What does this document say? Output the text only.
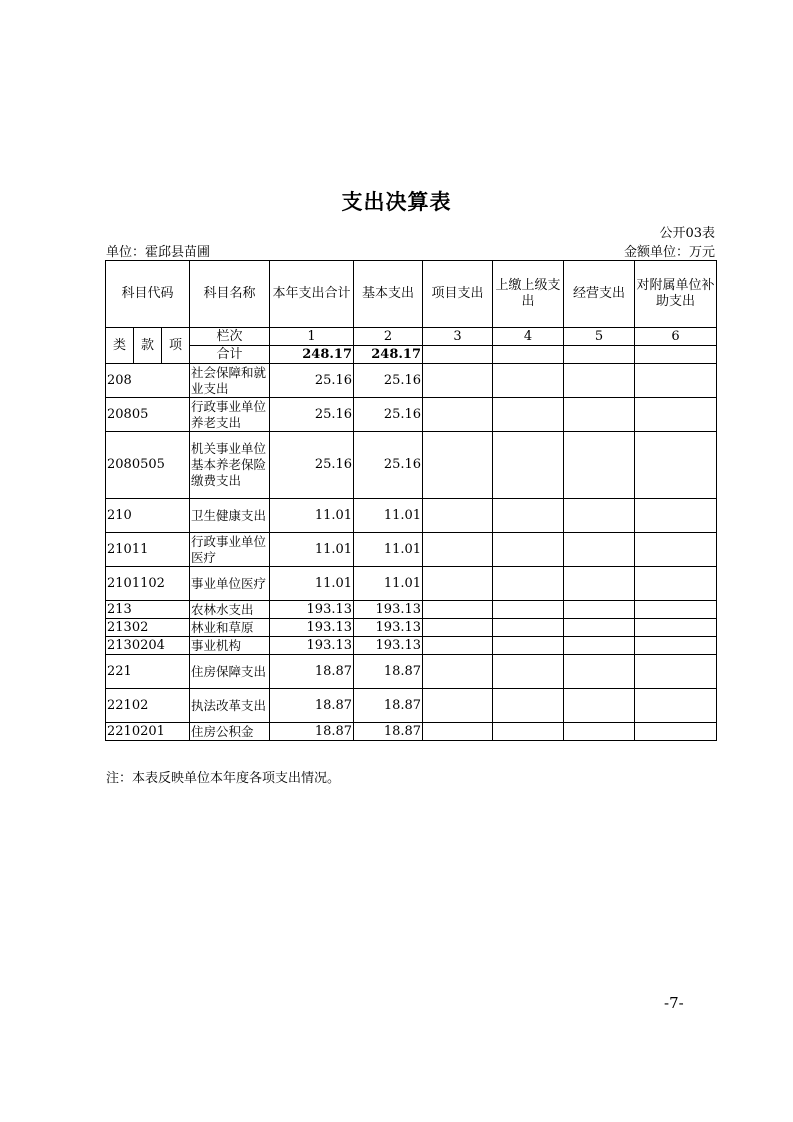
支出决算表
公开03表
单位：霍邱县苗圃	金额单位：万元
科目代码			科目名称	本年支出合计	基本支出	项目支出	上缴上级支出	经营支出	对附属单位补助支出
类	款	项	栏次	1	2	3	4	5	6
			合计	248.17	248.17				
208			社会保障和就业支出	25.16	25.16				
20805			行政事业单位养老支出	25.16	25.16				
2080505			机关事业单位基本养老保险缴费支出	25.16	25.16				
210			卫生健康支出	11.01	11.01				
21011			行政事业单位医疗	11.01	11.01				
2101102			事业单位医疗	11.01	11.01				
213			农林水支出	193.13	193.13				
21302			林业和草原	193.13	193.13				
2130204			事业机构	193.13	193.13				
221			住房保障支出	18.87	18.87				
22102			执法改革支出	18.87	18.87				
2210201			住房公积金	18.87	18.87				
注：本表反映单位本年度各项支出情况。
-7-
